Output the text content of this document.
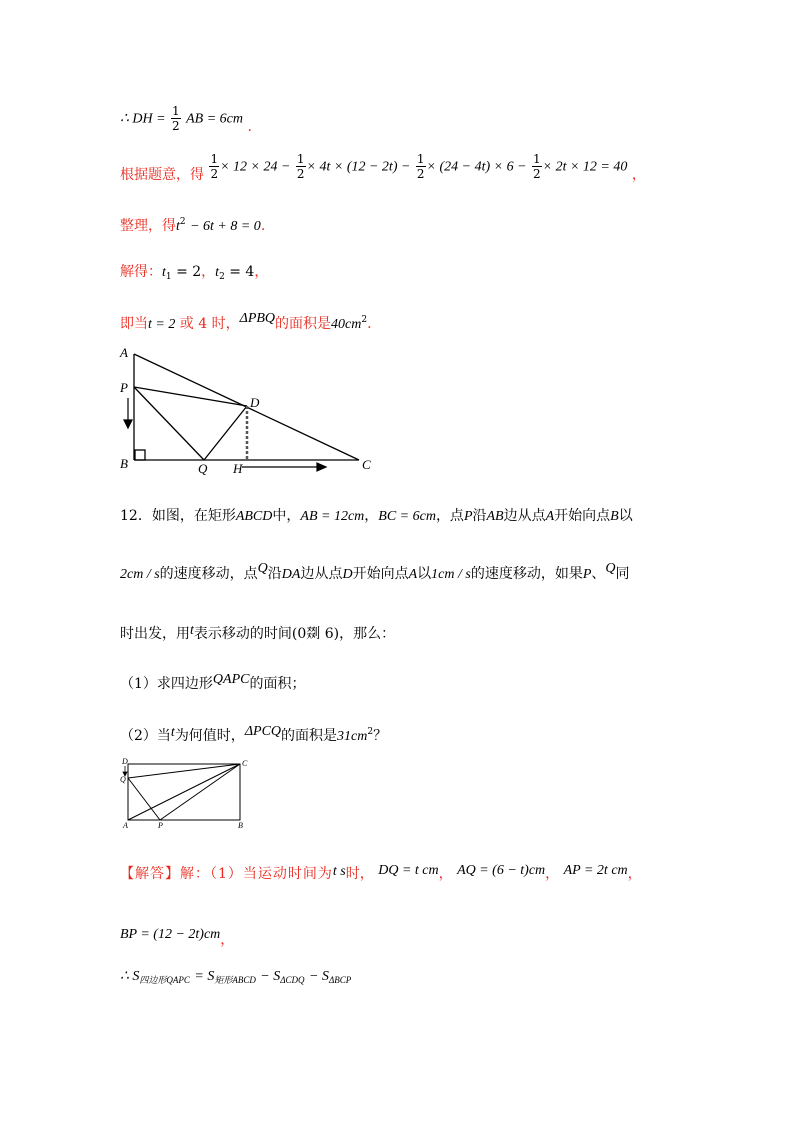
∴ DH = $\frac{1}{2}$ AB = 6cm .
根据题意，得 $\frac{1}{2} \times 12 \times 24 - \frac{1}{2} \times 4t \times (12 - 2t) - \frac{1}{2} \times (24 - 4t) \times 6 - \frac{1}{2} \times 2t \times 12 = 40$ ，
整理，得$t^2 - 6t + 8 = 0$.
解得：$t_1 = 2$，$t_2 = 4$，
即当t = 2 或 4 时，ΔPBQ的面积是$40cm^2$.
A
P
D
B	Q H	C
12．如图，在矩形ABCD中，AB = 12cm，BC = 6cm，点P沿AB边从点A开始向点B以
2cm / s的速度移动，点Q沿DA边从点D开始向点A以1cm / s的速度移动，如果P、Q同
时出发，用t表示移动的时间(0剟 6)，那么：
（1）求四边形QAPC的面积；
（2）当t为何值时，ΔPCQ的面积是$31cm^2$？
D	C
Q
A	P	B
【解答】解：（1）当运动时间为t s时， DQ = t cm， AQ = (6 − t)cm， AP = 2t cm，
BP = (12 − 2t)cm，
∴ $S_{四边形QAPC} = S_{矩形ABCD} - S_{\Delta CDQ} - S_{\Delta BCP}$
